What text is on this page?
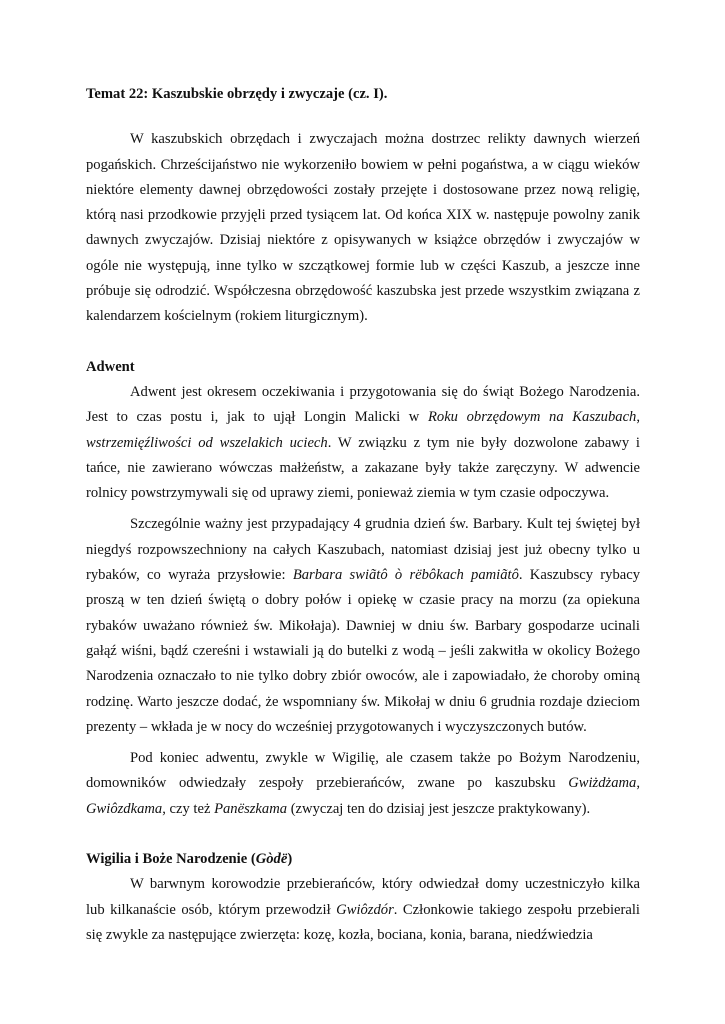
Temat 22: Kaszubskie obrzędy i zwyczaje (cz. I).

W kaszubskich obrzędach i zwyczajach można dostrzec relikty dawnych wierzeń pogańskich. Chrześcijaństwo nie wykorzeniło bowiem w pełni pogaństwa, a w ciągu wieków niektóre elementy dawnej obrzędowości zostały przejęte i dostosowane przez nową religię, którą nasi przodkowie przyjęli przed tysiącem lat. Od końca XIX w. następuje powolny zanik dawnych zwyczajów. Dzisiaj niektóre z opisywanych w książce obrzędów i zwyczajów w ogóle nie występują, inne tylko w szczątkowej formie lub w części Kaszub, a jeszcze inne próbuje się odrodzić. Współczesna obrzędowość kaszubska jest przede wszystkim związana z kalendarzem kościelnym (rokiem liturgicznym).

Adwent

Adwent jest okresem oczekiwania i przygotowania się do świąt Bożego Narodzenia. Jest to czas postu i, jak to ujął Longin Malicki w Roku obrzędowym na Kaszubach, wstrzemięźliwości od wszelakich uciech. W związku z tym nie były dozwolone zabawy i tańce, nie zawierano wówczas małżeństw, a zakazane były także zaręczyny. W adwencie rolnicy powstrzymywali się od uprawy ziemi, ponieważ ziemia w tym czasie odpoczywa.

Szczególnie ważny jest przypadający 4 grudnia dzień św. Barbary. Kult tej świętej był niegdyś rozpowszechniony na całych Kaszubach, natomiast dzisiaj jest już obecny tylko u rybaków, co wyraża przysłowie: Barbara swiãtô ò rëbôkach pamiãtô. Kaszubscy rybacy proszą w ten dzień świętą o dobry połów i opiekę w czasie pracy na morzu (za opiekuna rybaków uważano również św. Mikołaja). Dawniej w dniu św. Barbary gospodarze ucinali gałąź wiśni, bądź czereśni i wstawiali ją do butelki z wodą – jeśli zakwitła w okolicy Bożego Narodzenia oznaczało to nie tylko dobry zbiór owoców, ale i zapowiadało, że choroby ominą rodzinę. Warto jeszcze dodać, że wspomniany św. Mikołaj w dniu 6 grudnia rozdaje dzieciom prezenty – wkłada je w nocy do wcześniej przygotowanych i wyczyszczonych butów.

Pod koniec adwentu, zwykle w Wigilię, ale czasem także po Bożym Narodzeniu, domowników odwiedzały zespoły przebierańców, zwane po kaszubsku Gwiżdżama, Gwiôzdkama, czy też Panëszkama (zwyczaj ten do dzisiaj jest jeszcze praktykowany).

Wigilia i Boże Narodzenie (Gòdë)

W barwnym korowodzie przebierańców, który odwiedzał domy uczestniczyło kilka lub kilkanaście osób, którym przewodził Gwiôzdór. Członkowie takiego zespołu przebierali się zwykle za następujące zwierzęta: kozę, kozła, bociana, konia, barana, niedźwiedzia
